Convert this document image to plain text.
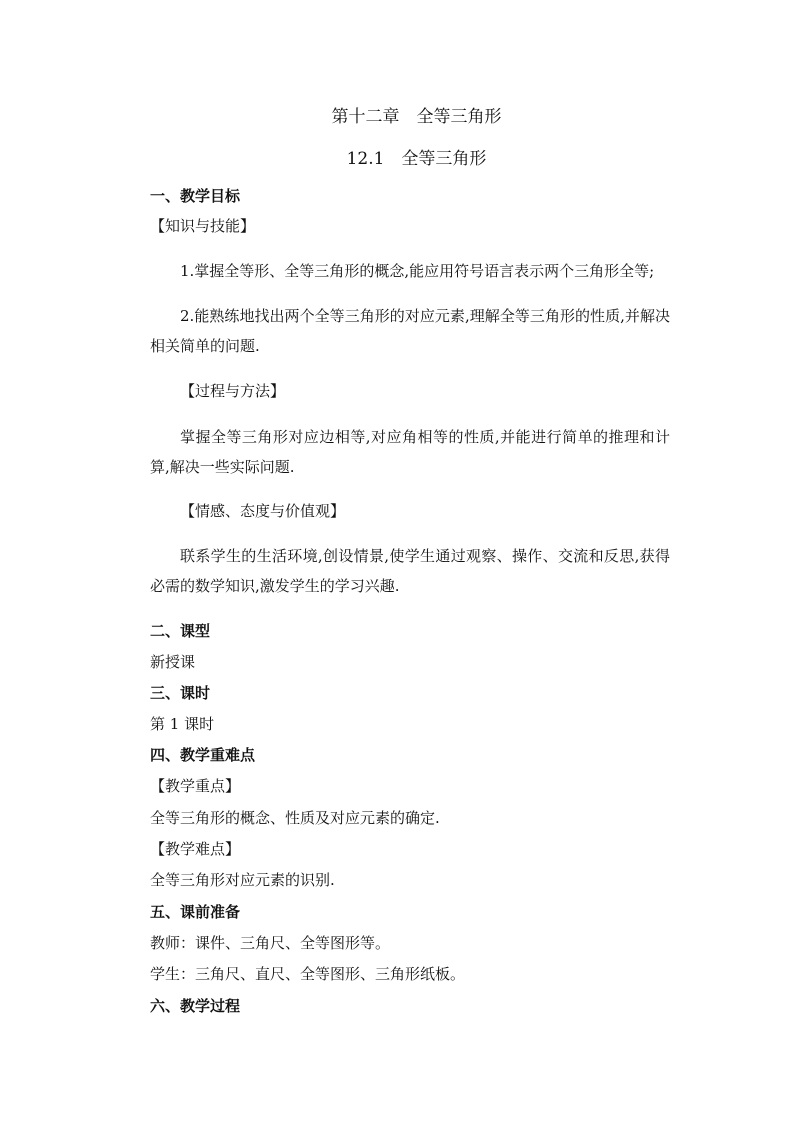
第十二章　全等三角形
12.1　全等三角形
一、教学目标
【知识与技能】
1.掌握全等形、全等三角形的概念,能应用符号语言表示两个三角形全等;
2.能熟练地找出两个全等三角形的对应元素,理解全等三角形的性质,并解决相关简单的问题.
【过程与方法】
掌握全等三角形对应边相等,对应角相等的性质,并能进行简单的推理和计算,解决一些实际问题.
【情感、态度与价值观】
联系学生的生活环境,创设情景,使学生通过观察、操作、交流和反思,获得必需的数学知识,激发学生的学习兴趣.
二、课型
新授课
三、课时
第 1 课时
四、教学重难点
【教学重点】
全等三角形的概念、性质及对应元素的确定.
【教学难点】
全等三角形对应元素的识别.
五、课前准备
教师：课件、三角尺、全等图形等。
学生：三角尺、直尺、全等图形、三角形纸板。
六、教学过程
